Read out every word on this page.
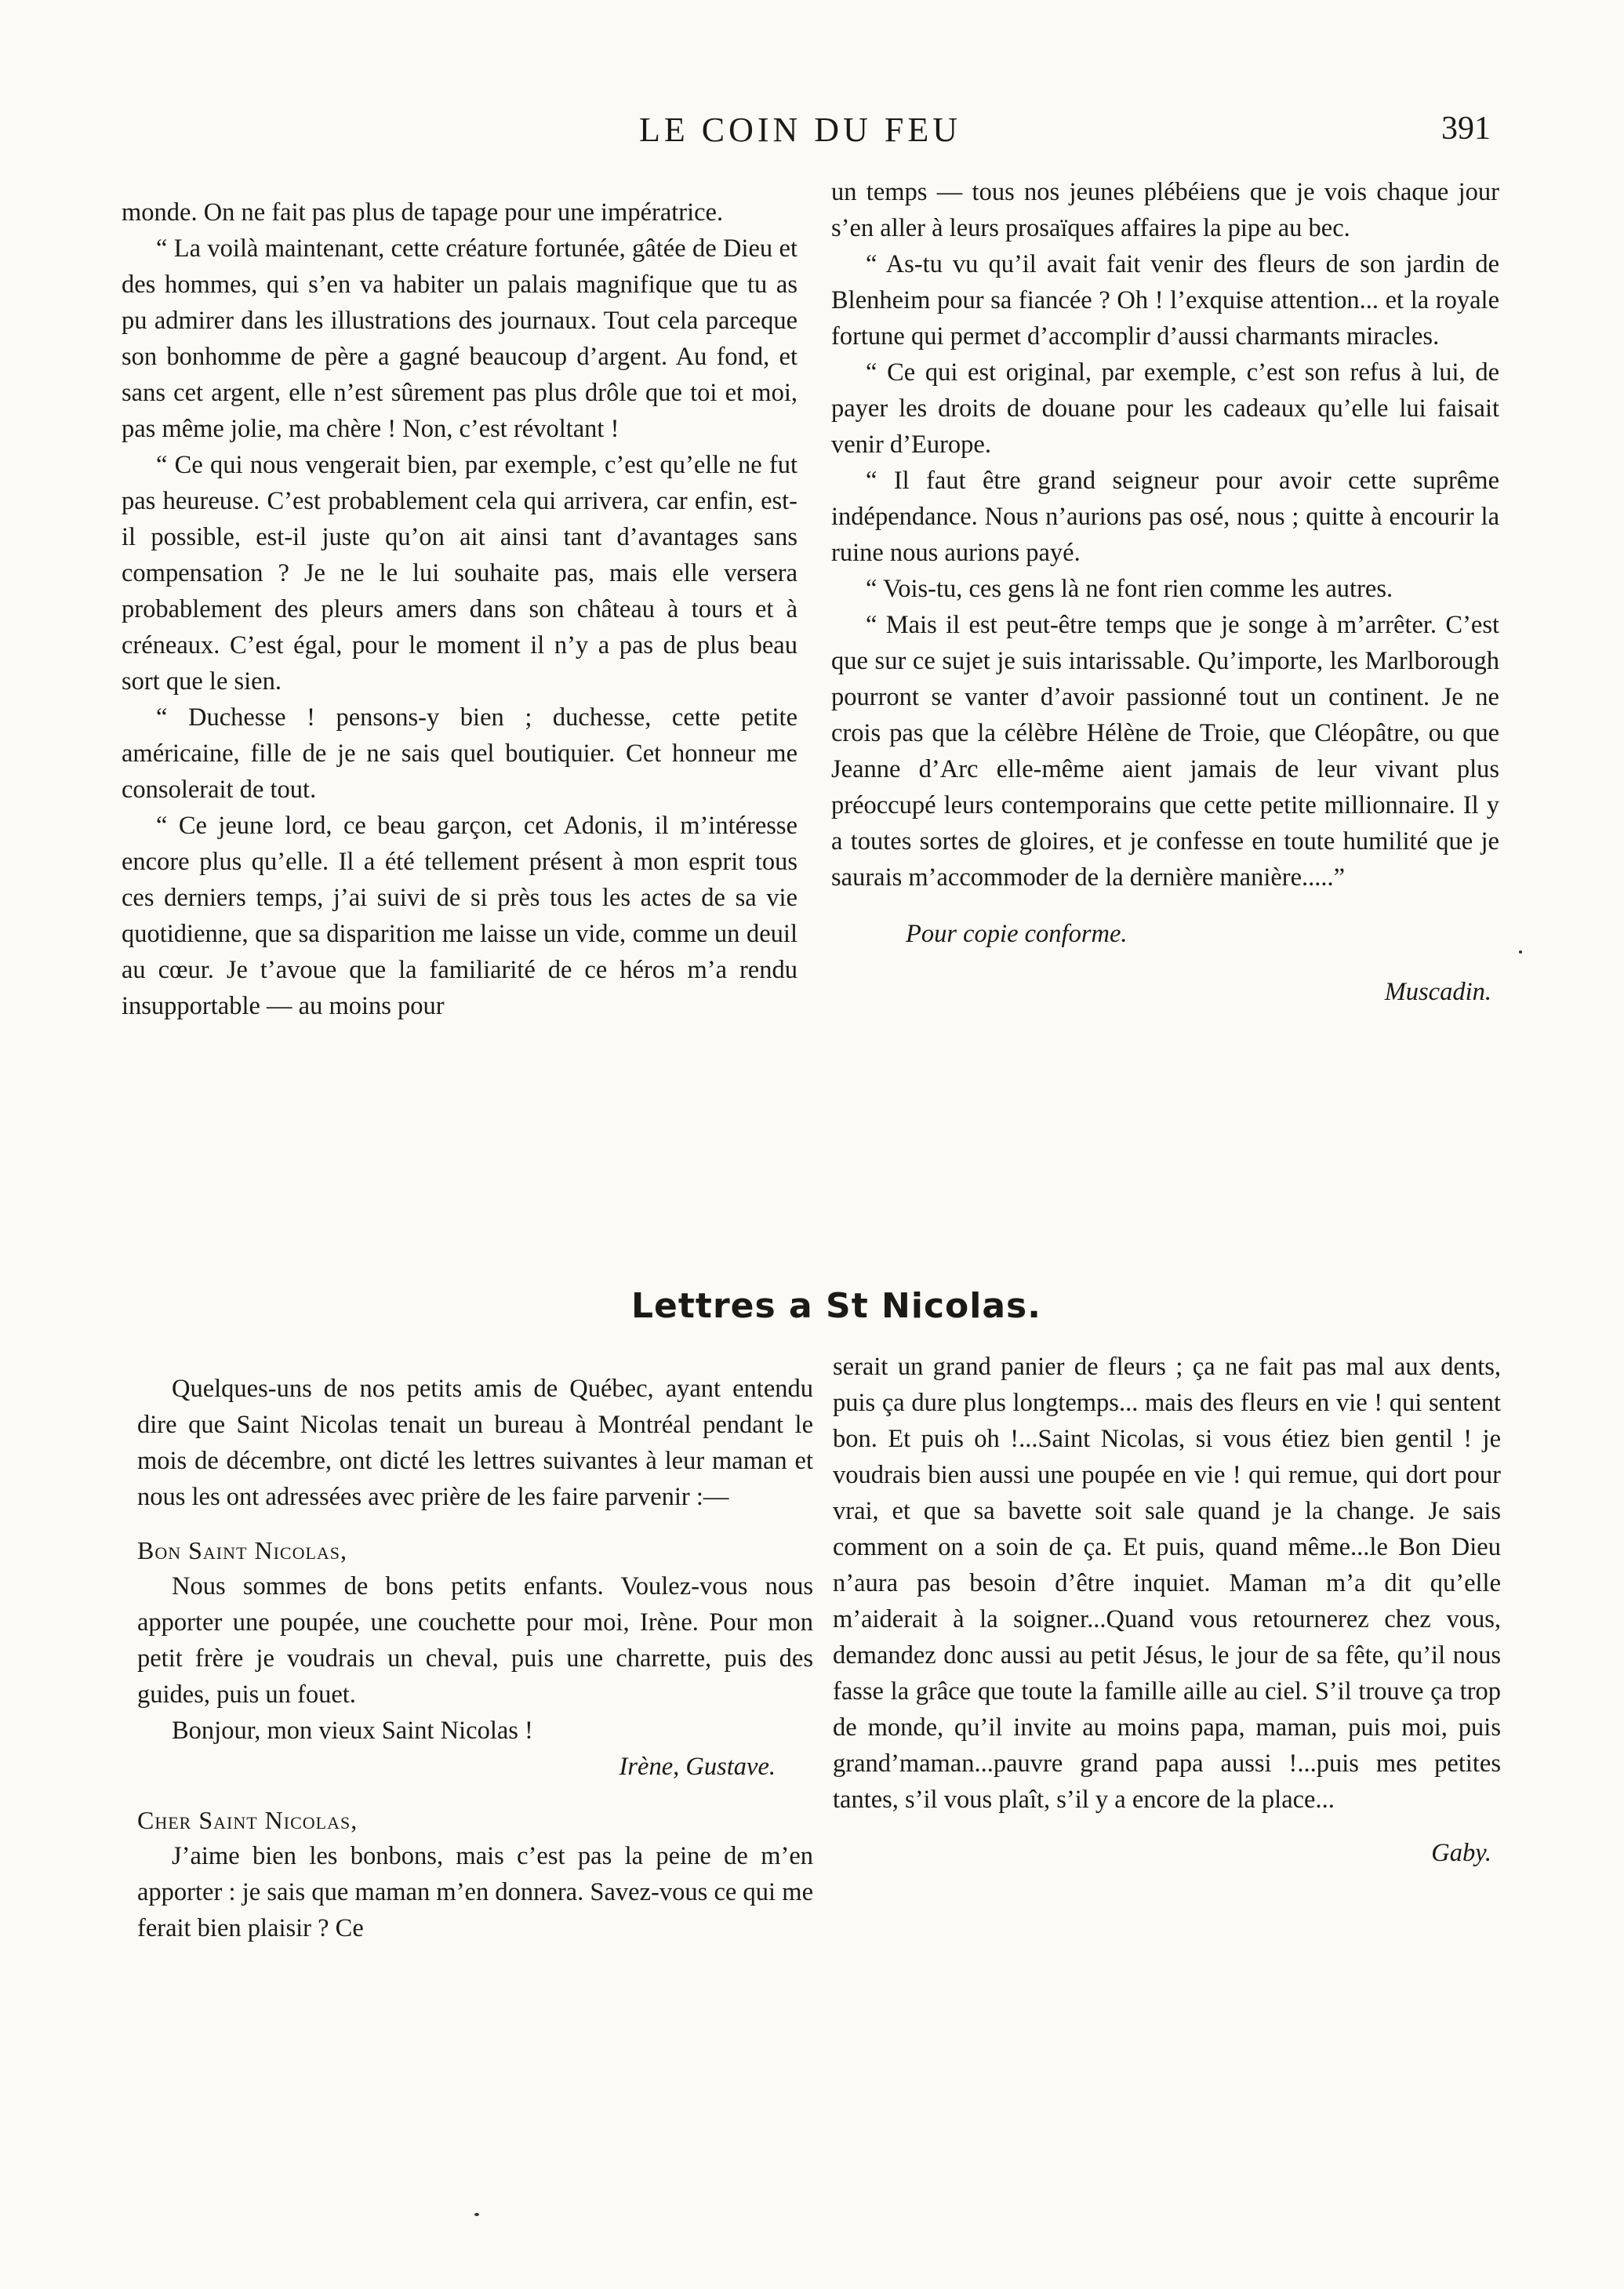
LE COIN DU FEU	391

monde. On ne fait pas plus de tapage pour une impératrice.

“ La voilà maintenant, cette créature fortunée, gâtée de Dieu et des hommes, qui s’en va habiter un palais magnifique que tu as pu admirer dans les illustrations des journaux. Tout cela parceque son bonhomme de père a gagné beaucoup d’argent. Au fond, et sans cet argent, elle n’est sûrement pas plus drôle que toi et moi, pas même jolie, ma chère ! Non, c’est révoltant !

“ Ce qui nous vengerait bien, par exemple, c’est qu’elle ne fut pas heureuse. C’est probablement cela qui arrivera, car enfin, est-il possible, est-il juste qu’on ait ainsi tant d’avantages sans compensation ? Je ne le lui souhaite pas, mais elle versera probablement des pleurs amers dans son château à tours et à créneaux. C’est égal, pour le moment il n’y a pas de plus beau sort que le sien.

“ Duchesse ! pensons-y bien ; duchesse, cette petite américaine, fille de je ne sais quel boutiquier. Cet honneur me consolerait de tout.

“ Ce jeune lord, ce beau garçon, cet Adonis, il m’intéresse encore plus qu’elle. Il a été tellement présent à mon esprit tous ces derniers temps, j’ai suivi de si près tous les actes de sa vie quotidienne, que sa disparition me laisse un vide, comme un deuil au cœur. Je t’avoue que la familiarité de ce héros m’a rendu insupportable — au moins pour

un temps — tous nos jeunes plébéiens que je vois chaque jour s’en aller à leurs prosaïques affaires la pipe au bec.

“ As-tu vu qu’il avait fait venir des fleurs de son jardin de Blenheim pour sa fiancée ? Oh ! l’exquise attention... et la royale fortune qui permet d’accomplir d’aussi charmants miracles.

“ Ce qui est original, par exemple, c’est son refus à lui, de payer les droits de douane pour les cadeaux qu’elle lui faisait venir d’Europe.

“ Il faut être grand seigneur pour avoir cette suprême indépendance. Nous n’aurions pas osé, nous ; quitte à encourir la ruine nous aurions payé.

“ Vois-tu, ces gens là ne font rien comme les autres.

“ Mais il est peut-être temps que je songe à m’arrêter. C’est que sur ce sujet je suis intarissable. Qu’importe, les Marlborough pourront se vanter d’avoir passionné tout un continent. Je ne crois pas que la célèbre Hélène de Troie, que Cléopâtre, ou que Jeanne d’Arc elle-même aient jamais de leur vivant plus préoccupé leurs contemporains que cette petite millionnaire. Il y a toutes sortes de gloires, et je confesse en toute humilité que je saurais m’accommoder de la dernière manière.....”

Pour copie conforme.

Muscadin.

Lettres a St Nicolas.

Quelques-uns de nos petits amis de Québec, ayant entendu dire que Saint Nicolas tenait un bureau à Montréal pendant le mois de décembre, ont dicté les lettres suivantes à leur maman et nous les ont adressées avec prière de les faire parvenir :—

Bon Saint Nicolas,

Nous sommes de bons petits enfants. Voulez-vous nous apporter une poupée, une couchette pour moi, Irène. Pour mon petit frère je voudrais un cheval, puis une charrette, puis des guides, puis un fouet.

Bonjour, mon vieux Saint Nicolas !

Irène, Gustave.

Cher Saint Nicolas,

J’aime bien les bonbons, mais c’est pas la peine de m’en apporter : je sais que maman m’en donnera. Savez-vous ce qui me ferait bien plaisir ? Ce

serait un grand panier de fleurs ; ça ne fait pas mal aux dents, puis ça dure plus longtemps... mais des fleurs en vie ! qui sentent bon. Et puis oh !...Saint Nicolas, si vous étiez bien gentil ! je voudrais bien aussi une poupée en vie ! qui remue, qui dort pour vrai, et que sa bavette soit sale quand je la change. Je sais comment on a soin de ça. Et puis, quand même...le Bon Dieu n’aura pas besoin d’être inquiet. Maman m’a dit qu’elle m’aiderait à la soigner...Quand vous retournerez chez vous, demandez donc aussi au petit Jésus, le jour de sa fête, qu’il nous fasse la grâce que toute la famille aille au ciel. S’il trouve ça trop de monde, qu’il invite au moins papa, maman, puis moi, puis grand’maman...pauvre grand papa aussi !...puis mes petites tantes, s’il vous plaît, s’il y a encore de la place...

Gaby.
